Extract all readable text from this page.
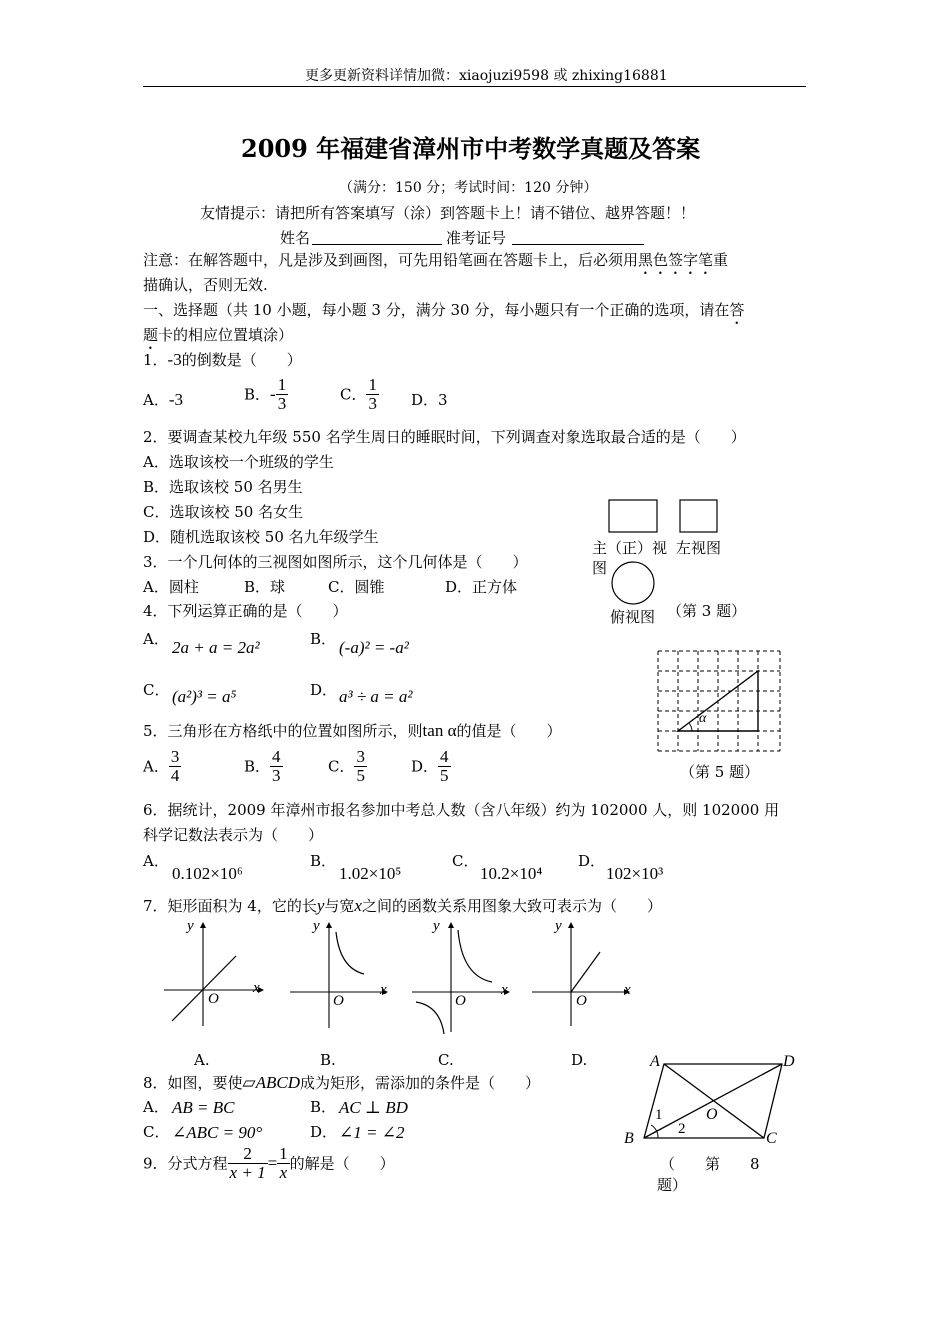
更多更新资料详情加微：xiaojuzi9598 或 zhixing16881
2009 年福建省漳州市中考数学真题及答案
（满分：150 分；考试时间：120 分钟）
友情提示：请把所有答案填写（涂）到答题卡上！请不错位、越界答题！！
姓名	准考证号
注意：在解答题中，凡是涉及到画图，可先用铅笔画在答题卡上，后必须用黑色签字笔重
描确认，否则无效.
一、选择题（共 10 小题，每小题 3 分，满分 30 分，每小题只有一个正确的选项，请在答
题卡的相应位置填涂）
1．-3的倒数是（　　）
A．-3	B．- $\frac{1}{3}$	C． $\frac{1}{3}$ D．3
2．要调查某校九年级 550 名学生周日的睡眠时间，下列调查对象选取最合适的是（　　）
A．选取该校一个班级的学生
B．选取该校 50 名男生
C．选取该校 50 名女生
D．随机选取该校 50 名九年级学生
3．一个几何体的三视图如图所示，这个几何体是（　　）
A．圆柱	B．球	C．圆锥	D．正方体
主（正）视
图
左视图
俯视图 （第 3 题）
4．下列运算正确的是（　　）
A． 2a + a = 2a²	B． (-a)² = -a²
C． (a²)³ = a⁵	D． a³ ÷ a = a²
α
（第 5 题）
5．三角形在方格纸中的位置如图所示，则tan α的值是（　　）
A． $\frac{3}{4}$	B． $\frac{4}{3}$	C． $\frac{3}{5}$	D． $\frac{4}{5}$
6．据统计，2009 年漳州市报名参加中考总人数（含八年级）约为 102000 人，则 102000 用
科学记数法表示为（　　）
A．
0.102×10⁶
B．
1.02×10⁵
C．
10.2×10⁴
D．
102×10³
7．矩形面积为 4，它的长y与宽x之间的函数关系用图象大致可表示为（　　）
y
x
O
y
x
O
y
x
O
y
x
O
A.	B.	C.	D.
8．如图，要使▱ABCD成为矩形，需添加的条件是（　　）
A． AB = BC	B． AC ⊥ BD
C． ∠ABC = 90°	D． ∠1 = ∠2
A	D
B	C
O
1
2
（　　第　　8
题）
9．分式方程 $\frac{2}{x + 1} = \frac{1}{x}$ 的解是（　　）
